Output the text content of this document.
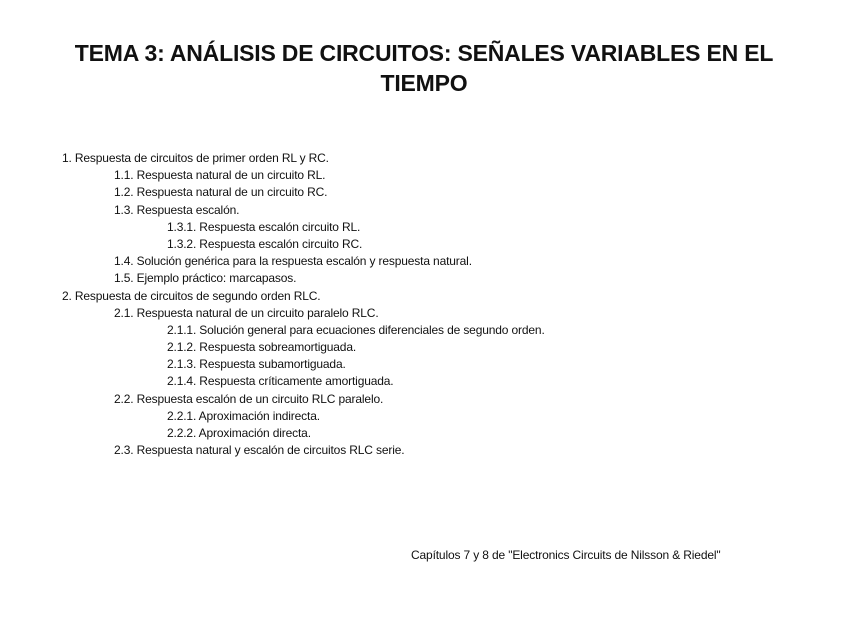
TEMA 3: ANÁLISIS DE CIRCUITOS: SEÑALES VARIABLES EN EL TIEMPO
1. Respuesta de circuitos de primer orden RL y RC.
1.1. Respuesta natural de un circuito RL.
1.2. Respuesta natural de un circuito RC.
1.3. Respuesta escalón.
1.3.1. Respuesta escalón circuito RL.
1.3.2. Respuesta escalón circuito RC.
1.4. Solución genérica para la respuesta escalón y respuesta natural.
1.5. Ejemplo práctico: marcapasos.
2. Respuesta de circuitos de segundo orden RLC.
2.1. Respuesta natural de un circuito paralelo RLC.
2.1.1. Solución general para ecuaciones diferenciales de segundo orden.
2.1.2. Respuesta sobreamortiguada.
2.1.3. Respuesta subamortiguada.
2.1.4. Respuesta críticamente amortiguada.
2.2. Respuesta escalón de un circuito RLC paralelo.
2.2.1. Aproximación indirecta.
2.2.2. Aproximación directa.
2.3. Respuesta natural y escalón de circuitos RLC serie.
Capítulos 7 y 8 de "Electronics Circuits de Nilsson & Riedel"
